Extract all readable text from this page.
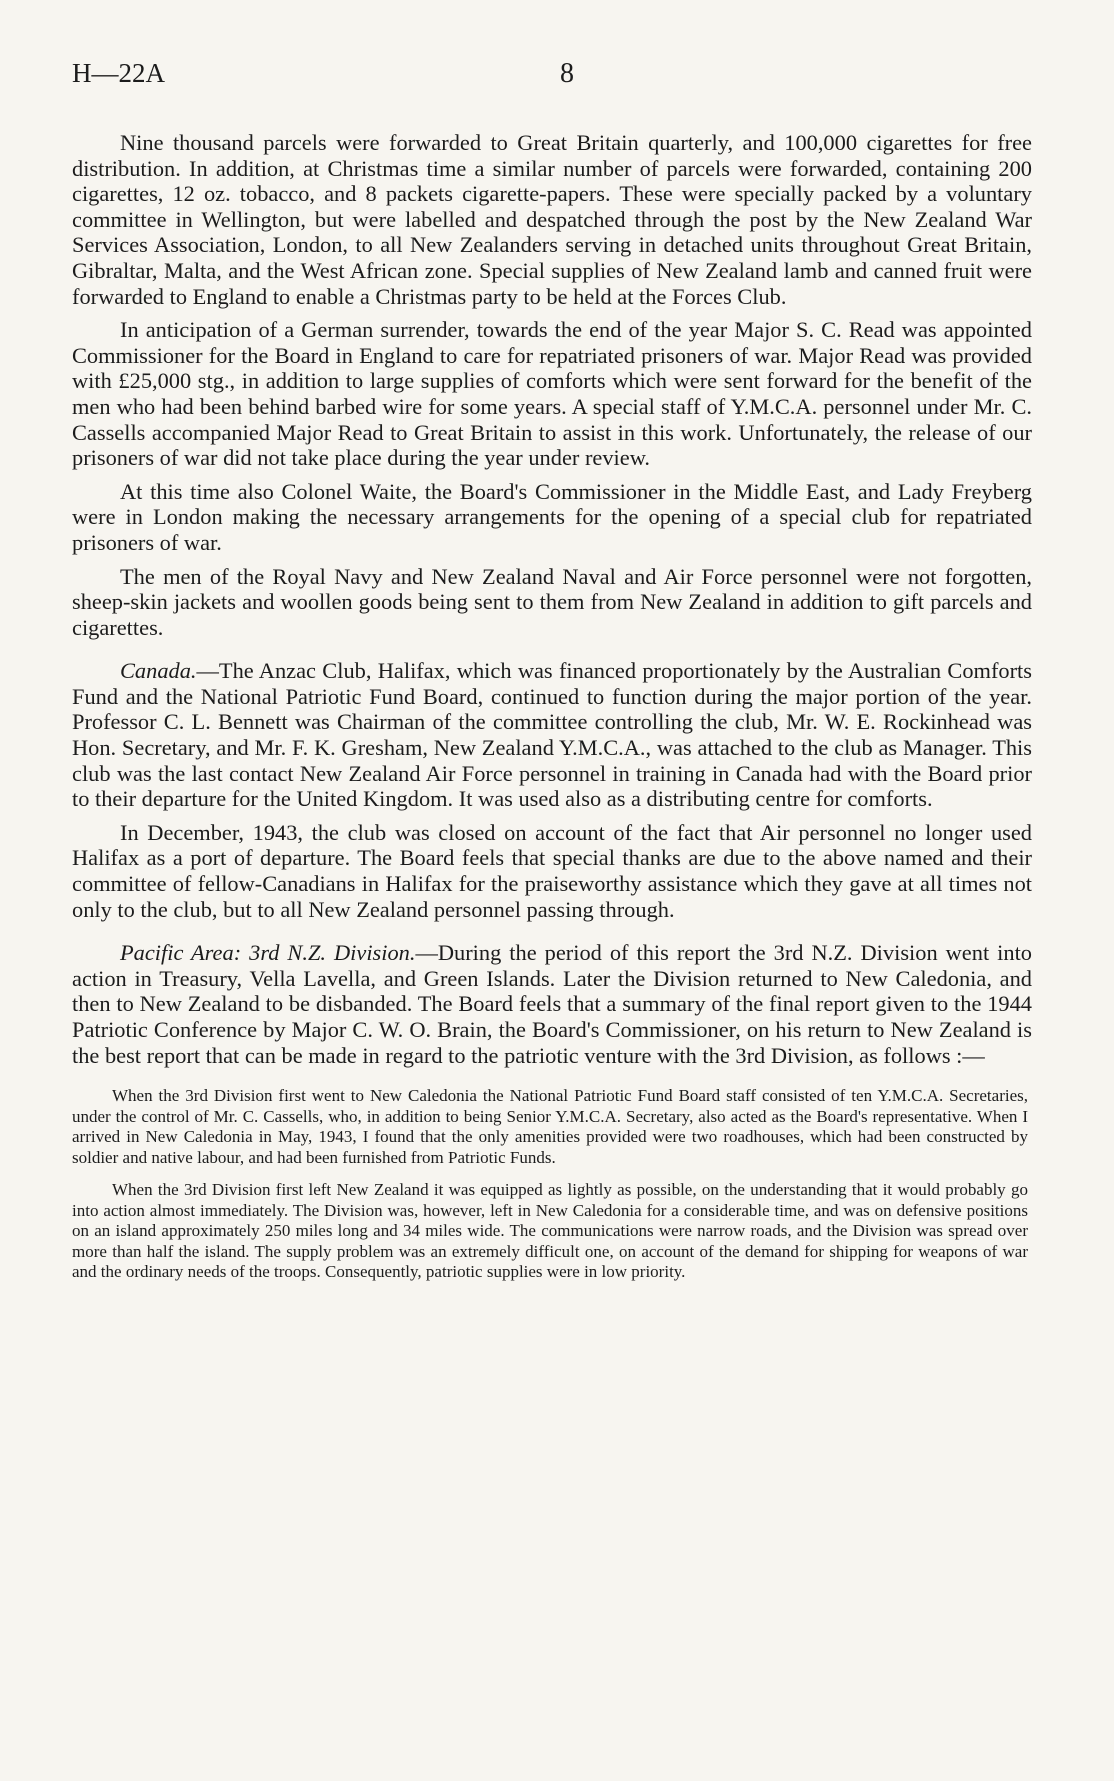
H—22A	8

Nine thousand parcels were forwarded to Great Britain quarterly, and 100,000 cigarettes for free distribution. In addition, at Christmas time a similar number of parcels were forwarded, containing 200 cigarettes, 12 oz. tobacco, and 8 packets cigarette-papers. These were specially packed by a voluntary committee in Wellington, but were labelled and despatched through the post by the New Zealand War Services Association, London, to all New Zealanders serving in detached units throughout Great Britain, Gibraltar, Malta, and the West African zone. Special supplies of New Zealand lamb and canned fruit were forwarded to England to enable a Christmas party to be held at the Forces Club.

In anticipation of a German surrender, towards the end of the year Major S. C. Read was appointed Commissioner for the Board in England to care for repatriated prisoners of war. Major Read was provided with £25,000 stg., in addition to large supplies of comforts which were sent forward for the benefit of the men who had been behind barbed wire for some years. A special staff of Y.M.C.A. personnel under Mr. C. Cassells accompanied Major Read to Great Britain to assist in this work. Unfortunately, the release of our prisoners of war did not take place during the year under review.

At this time also Colonel Waite, the Board's Commissioner in the Middle East, and Lady Freyberg were in London making the necessary arrangements for the opening of a special club for repatriated prisoners of war.

The men of the Royal Navy and New Zealand Naval and Air Force personnel were not forgotten, sheep-skin jackets and woollen goods being sent to them from New Zealand in addition to gift parcels and cigarettes.

Canada.—The Anzac Club, Halifax, which was financed proportionately by the Australian Comforts Fund and the National Patriotic Fund Board, continued to function during the major portion of the year. Professor C. L. Bennett was Chairman of the committee controlling the club, Mr. W. E. Rockinhead was Hon. Secretary, and Mr. F. K. Gresham, New Zealand Y.M.C.A., was attached to the club as Manager. This club was the last contact New Zealand Air Force personnel in training in Canada had with the Board prior to their departure for the United Kingdom. It was used also as a distributing centre for comforts.

In December, 1943, the club was closed on account of the fact that Air personnel no longer used Halifax as a port of departure. The Board feels that special thanks are due to the above named and their committee of fellow-Canadians in Halifax for the praiseworthy assistance which they gave at all times not only to the club, but to all New Zealand personnel passing through.

Pacific Area: 3rd N.Z. Division.—During the period of this report the 3rd N.Z. Division went into action in Treasury, Vella Lavella, and Green Islands. Later the Division returned to New Caledonia, and then to New Zealand to be disbanded. The Board feels that a summary of the final report given to the 1944 Patriotic Conference by Major C. W. O. Brain, the Board's Commissioner, on his return to New Zealand is the best report that can be made in regard to the patriotic venture with the 3rd Division, as follows :—

When the 3rd Division first went to New Caledonia the National Patriotic Fund Board staff consisted of ten Y.M.C.A. Secretaries, under the control of Mr. C. Cassells, who, in addition to being Senior Y.M.C.A. Secretary, also acted as the Board's representative. When I arrived in New Caledonia in May, 1943, I found that the only amenities provided were two roadhouses, which had been constructed by soldier and native labour, and had been furnished from Patriotic Funds.

When the 3rd Division first left New Zealand it was equipped as lightly as possible, on the understanding that it would probably go into action almost immediately. The Division was, however, left in New Caledonia for a considerable time, and was on defensive positions on an island approximately 250 miles long and 34 miles wide. The communications were narrow roads, and the Division was spread over more than half the island. The supply problem was an extremely difficult one, on account of the demand for shipping for weapons of war and the ordinary needs of the troops. Consequently, patriotic supplies were in low priority.
